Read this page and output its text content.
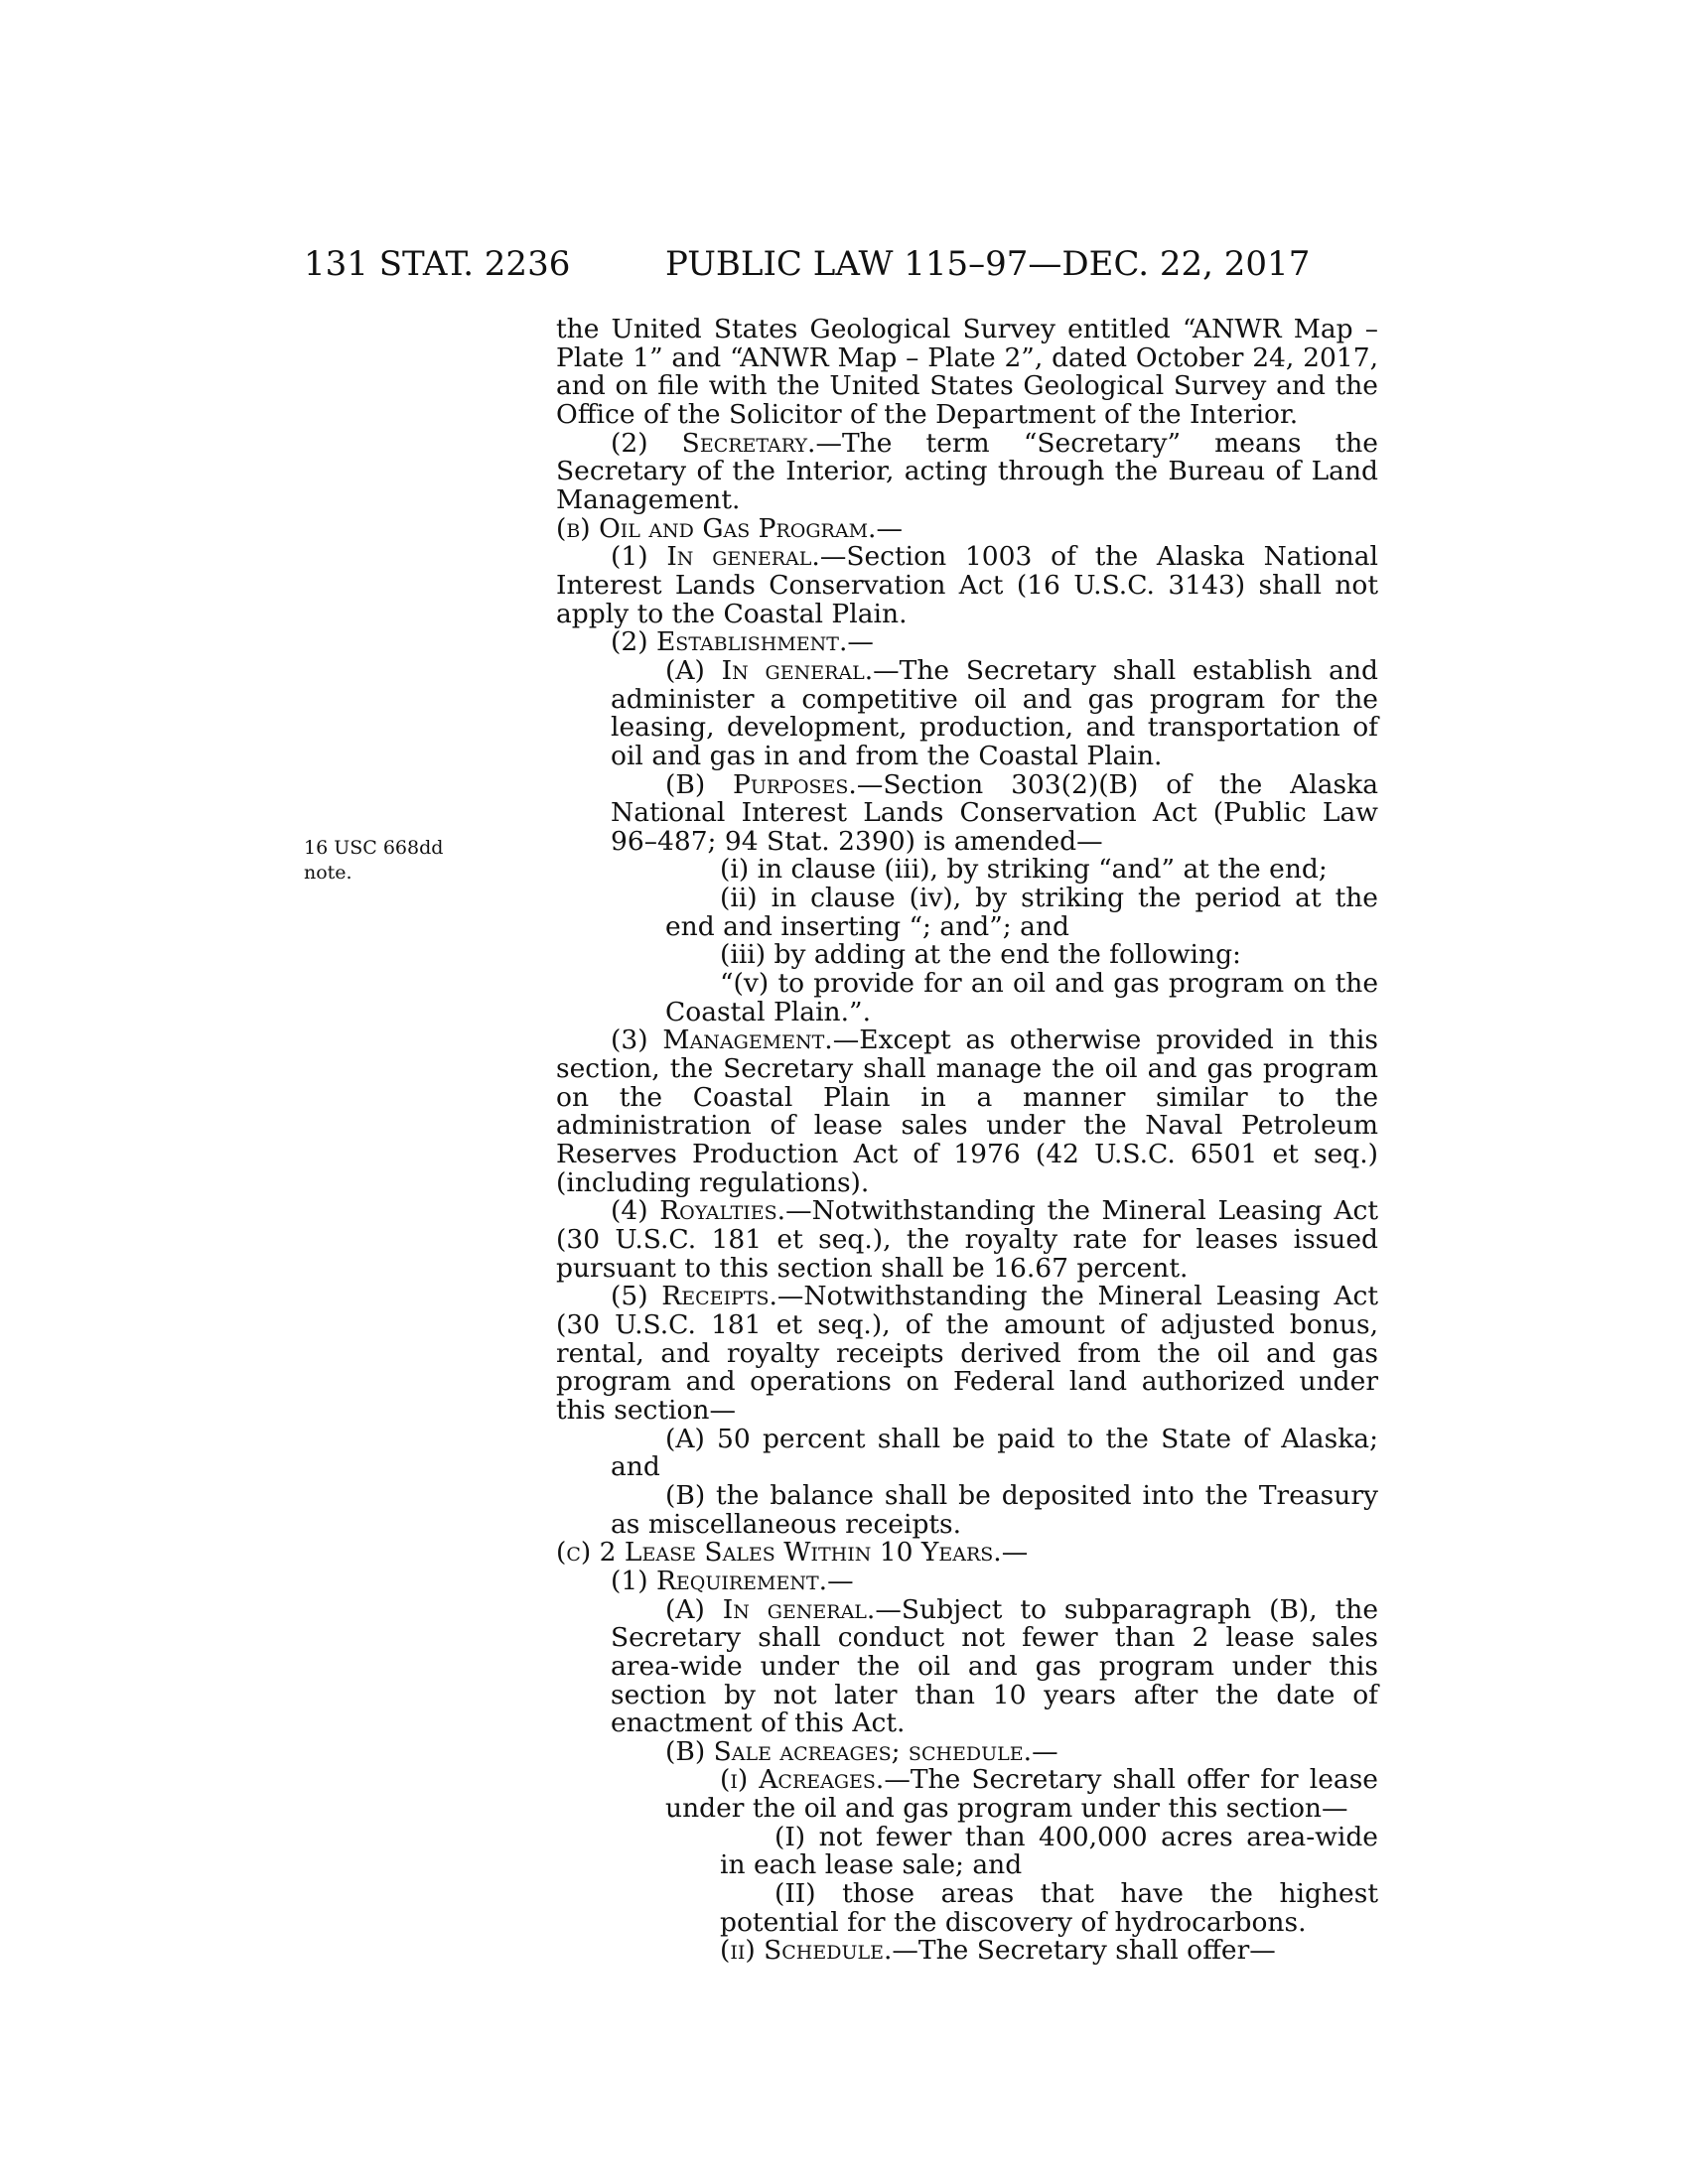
131 STAT. 2236	PUBLIC LAW 115–97—DEC. 22, 2017
16 USC 668dd
note.

the United States Geological Survey entitled “ANWR Map – Plate 1” and “ANWR Map – Plate 2”, dated October 24, 2017, and on file with the United States Geological Survey and the Office of the Solicitor of the Department of the Interior.

(2) Secretary.—The term “Secretary” means the Secretary of the Interior, acting through the Bureau of Land Management.

(b) Oil and Gas Program.—

(1) In general.—Section 1003 of the Alaska National Interest Lands Conservation Act (16 U.S.C. 3143) shall not apply to the Coastal Plain.

(2) Establishment.—

(A) In general.—The Secretary shall establish and administer a competitive oil and gas program for the leasing, development, production, and transportation of oil and gas in and from the Coastal Plain.

(B) Purposes.—Section 303(2)(B) of the Alaska National Interest Lands Conservation Act (Public Law 96–487; 94 Stat. 2390) is amended—

(i) in clause (iii), by striking “and” at the end;

(ii) in clause (iv), by striking the period at the end and inserting “; and”; and

(iii) by adding at the end the following:

“(v) to provide for an oil and gas program on the Coastal Plain.”.

(3) Management.—Except as otherwise provided in this section, the Secretary shall manage the oil and gas program on the Coastal Plain in a manner similar to the administration of lease sales under the Naval Petroleum Reserves Production Act of 1976 (42 U.S.C. 6501 et seq.) (including regulations).

(4) Royalties.—Notwithstanding the Mineral Leasing Act (30 U.S.C. 181 et seq.), the royalty rate for leases issued pursuant to this section shall be 16.67 percent.

(5) Receipts.—Notwithstanding the Mineral Leasing Act (30 U.S.C. 181 et seq.), of the amount of adjusted bonus, rental, and royalty receipts derived from the oil and gas program and operations on Federal land authorized under this section—

(A) 50 percent shall be paid to the State of Alaska; and

(B) the balance shall be deposited into the Treasury as miscellaneous receipts.

(c) 2 Lease Sales Within 10 Years.—

(1) Requirement.—

(A) In general.—Subject to subparagraph (B), the Secretary shall conduct not fewer than 2 lease sales area-wide under the oil and gas program under this section by not later than 10 years after the date of enactment of this Act.

(B) Sale acreages; schedule.—

(i) Acreages.—The Secretary shall offer for lease under the oil and gas program under this section—

(I) not fewer than 400,000 acres area-wide in each lease sale; and

(II) those areas that have the highest potential for the discovery of hydrocarbons.

(ii) Schedule.—The Secretary shall offer—
